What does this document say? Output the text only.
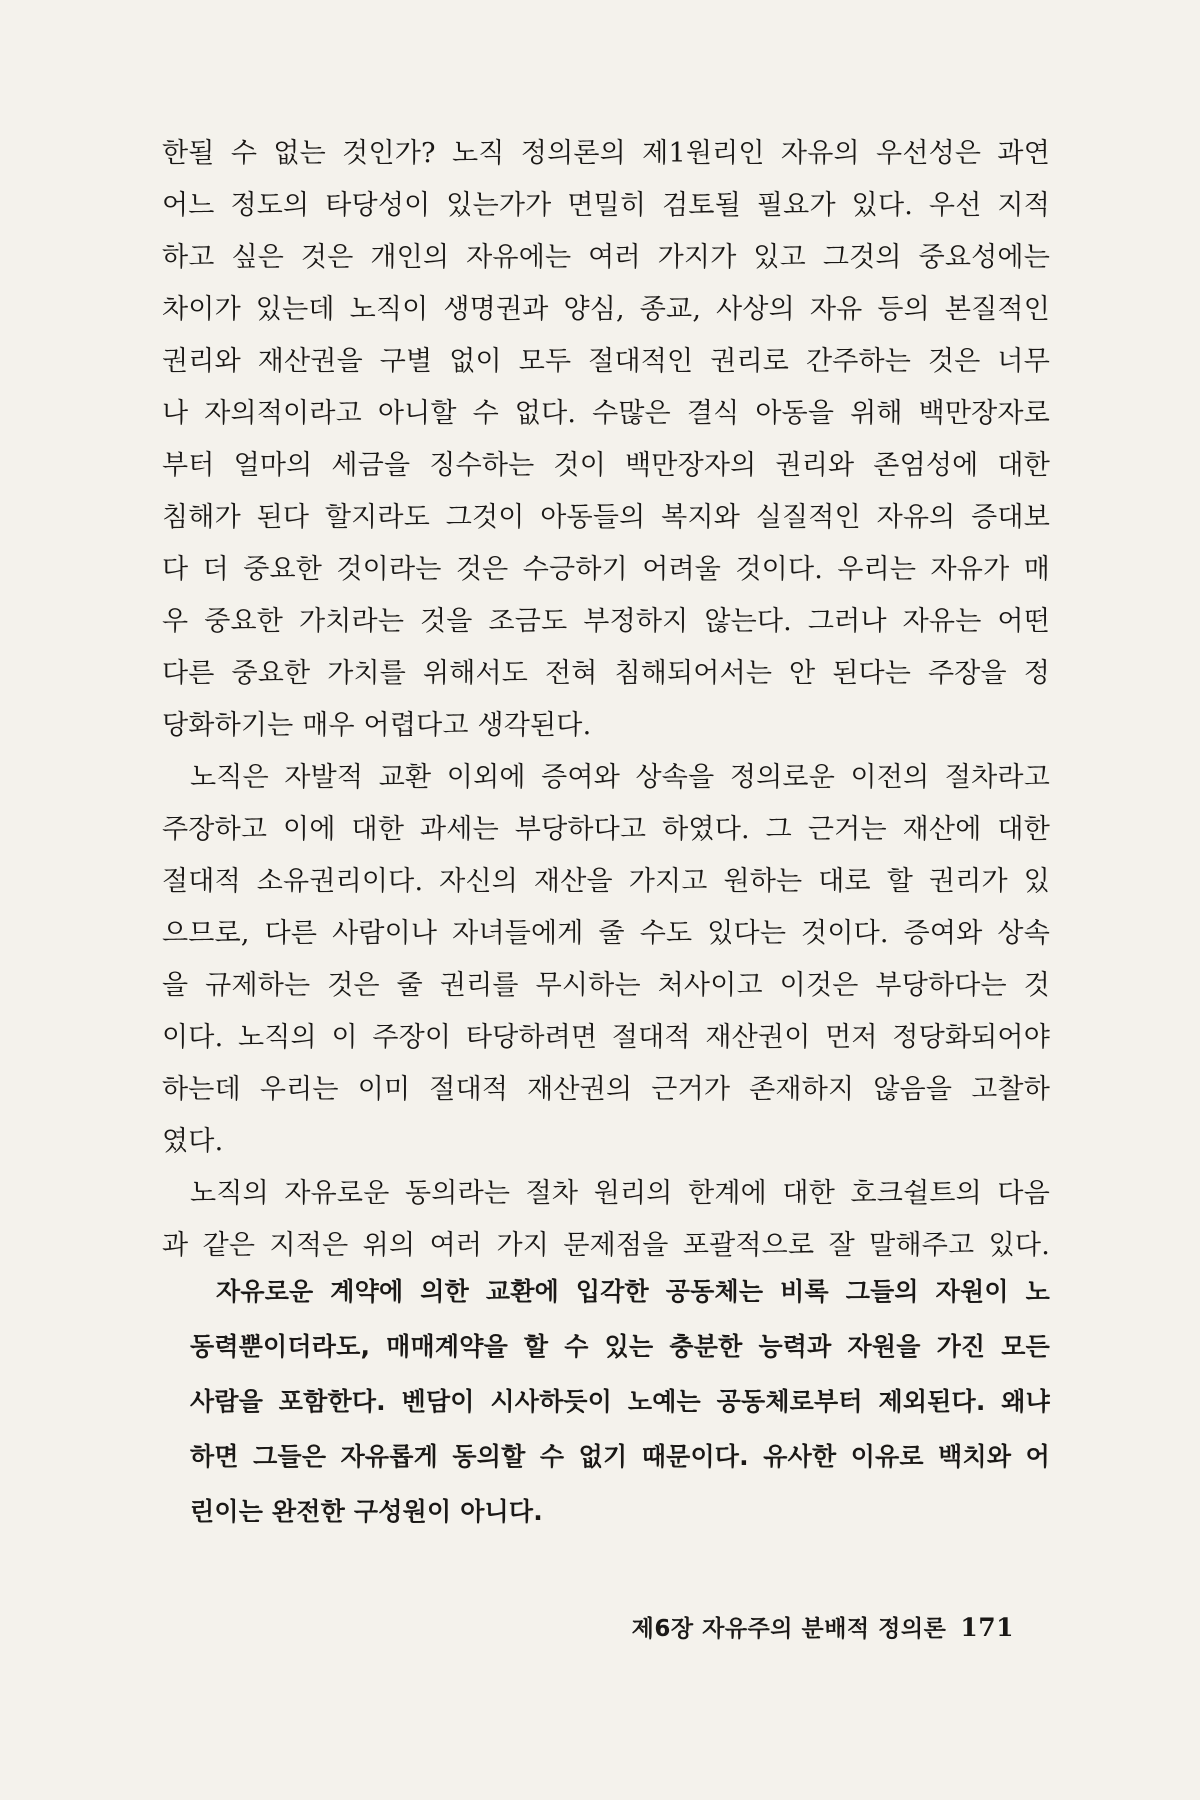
한될 수 없는 것인가? 노직 정의론의 제1원리인 자유의 우선성은 과연
어느 정도의 타당성이 있는가가 면밀히 검토될 필요가 있다. 우선 지적
하고 싶은 것은 개인의 자유에는 여러 가지가 있고 그것의 중요성에는
차이가 있는데 노직이 생명권과 양심, 종교, 사상의 자유 등의 본질적인
권리와 재산권을 구별 없이 모두 절대적인 권리로 간주하는 것은 너무
나 자의적이라고 아니할 수 없다. 수많은 결식 아동을 위해 백만장자로
부터 얼마의 세금을 징수하는 것이 백만장자의 권리와 존엄성에 대한
침해가 된다 할지라도 그것이 아동들의 복지와 실질적인 자유의 증대보
다 더 중요한 것이라는 것은 수긍하기 어려울 것이다. 우리는 자유가 매
우 중요한 가치라는 것을 조금도 부정하지 않는다. 그러나 자유는 어떤
다른 중요한 가치를 위해서도 전혀 침해되어서는 안 된다는 주장을 정
당화하기는 매우 어렵다고 생각된다.
노직은 자발적 교환 이외에 증여와 상속을 정의로운 이전의 절차라고
주장하고 이에 대한 과세는 부당하다고 하였다. 그 근거는 재산에 대한
절대적 소유권리이다. 자신의 재산을 가지고 원하는 대로 할 권리가 있
으므로, 다른 사람이나 자녀들에게 줄 수도 있다는 것이다. 증여와 상속
을 규제하는 것은 줄 권리를 무시하는 처사이고 이것은 부당하다는 것
이다. 노직의 이 주장이 타당하려면 절대적 재산권이 먼저 정당화되어야
하는데 우리는 이미 절대적 재산권의 근거가 존재하지 않음을 고찰하
였다.
노직의 자유로운 동의라는 절차 원리의 한계에 대한 호크쉴트의 다음
과 같은 지적은 위의 여러 가지 문제점을 포괄적으로 잘 말해주고 있다.
자유로운 계약에 의한 교환에 입각한 공동체는 비록 그들의 자원이 노
동력뿐이더라도, 매매계약을 할 수 있는 충분한 능력과 자원을 가진 모든
사람을 포함한다. 벤담이 시사하듯이 노예는 공동체로부터 제외된다. 왜냐
하면 그들은 자유롭게 동의할 수 없기 때문이다. 유사한 이유로 백치와 어
린이는 완전한 구성원이 아니다.
제6장 자유주의 분배적 정의론 171
